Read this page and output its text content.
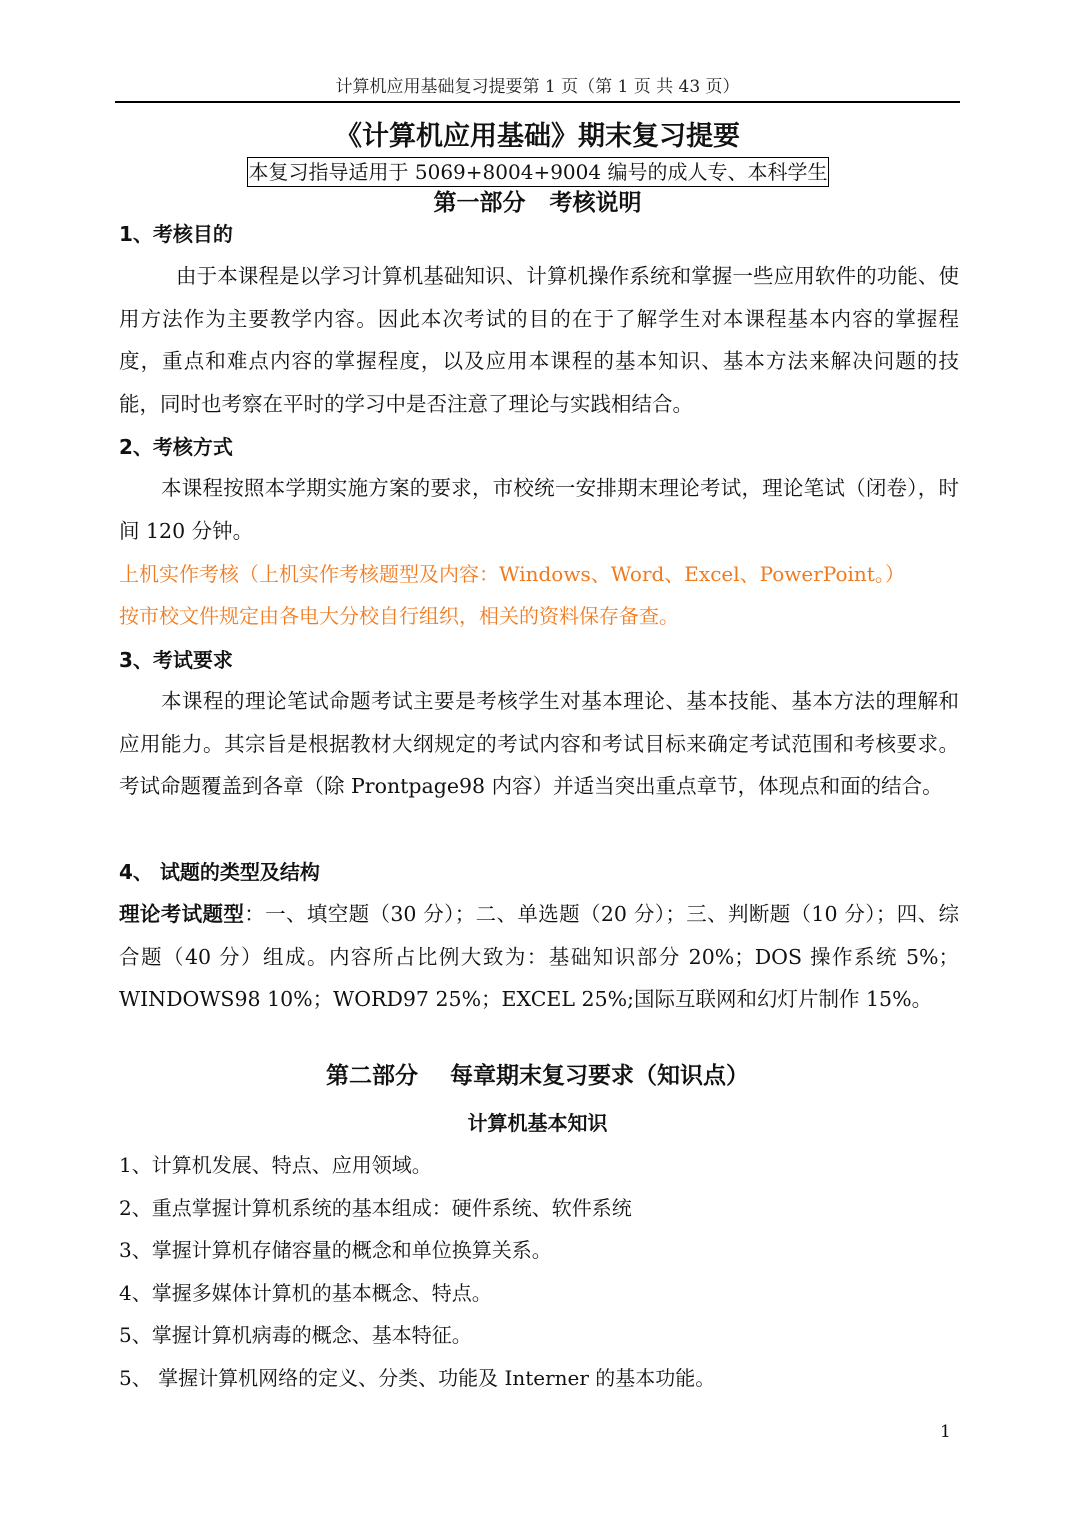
计算机应用基础复习提要第 1 页（第 1 页 共 43 页）
《计算机应用基础》期末复习提要
本复习指导适用于 5069+8004+9004 编号的成人专、本科学生
第一部分   考核说明
1、考核目的
由于本课程是以学习计算机基础知识、计算机操作系统和掌握一些应用软件的功能、使用方法作为主要教学内容。因此本次考试的目的在于了解学生对本课程基本内容的掌握程度，重点和难点内容的掌握程度，以及应用本课程的基本知识、基本方法来解决问题的技能，同时也考察在平时的学习中是否注意了理论与实践相结合。
2、考核方式
本课程按照本学期实施方案的要求，市校统一安排期末理论考试，理论笔试（闭卷），时间 120 分钟。
上机实作考核（上机实作考核题型及内容：Windows、Word、Excel、PowerPoint。）
按市校文件规定由各电大分校自行组织，相关的资料保存备查。
3、考试要求
本课程的理论笔试命题考试主要是考核学生对基本理论、基本技能、基本方法的理解和应用能力。其宗旨是根据教材大纲规定的考试内容和考试目标来确定考试范围和考核要求。考试命题覆盖到各章（除 Prontpage98 内容）并适当突出重点章节，体现点和面的结合。
4、 试题的类型及结构
理论考试题型：一、填空题（30 分）；二、单选题（20 分）；三、判断题（10 分）；四、综合题（40 分）组成。内容所占比例大致为：基础知识部分 20%；DOS 操作系统 5%；WINDOWS98 10%；WORD97 25%；EXCEL 25%;国际互联网和幻灯片制作 15%。
第二部分    每章期末复习要求（知识点）
计算机基本知识
1、计算机发展、特点、应用领域。
2、重点掌握计算机系统的基本组成：硬件系统、软件系统
3、掌握计算机存储容量的概念和单位换算关系。
4、掌握多媒体计算机的基本概念、特点。
5、掌握计算机病毒的概念、基本特征。
5、 掌握计算机网络的定义、分类、功能及 Interner 的基本功能。
1
